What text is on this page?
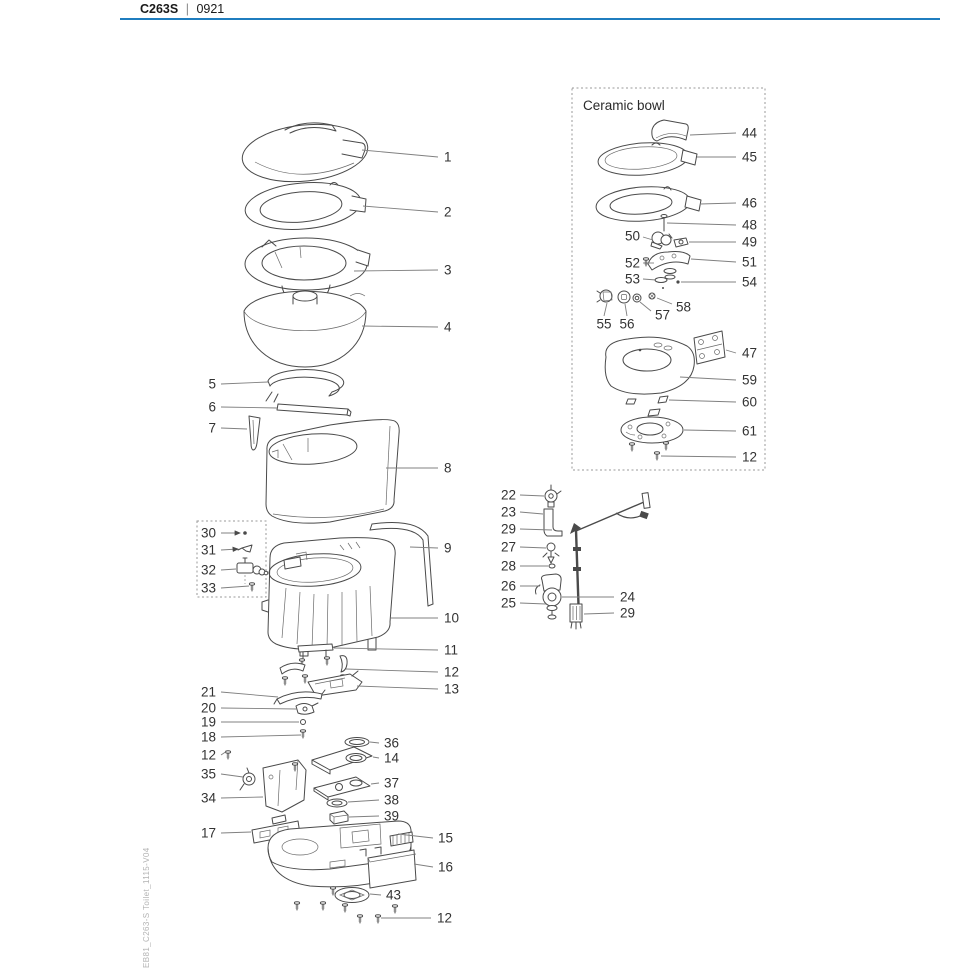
C263S | 0921
Ceramic bowl
1
2
3
4
5
6
7
8
9
10
11
12
13
21
20
19
18
12
35
34
17
36
14
37
38
39
15
16
43
12
30
31
32
33
22
23
29
27
28
26
25	24
29
44
45
46
48
49
51
54
50
52
53
55 56
57
58
47
59
60
61
12
EB81_C263-S Toilet_1115-V04
